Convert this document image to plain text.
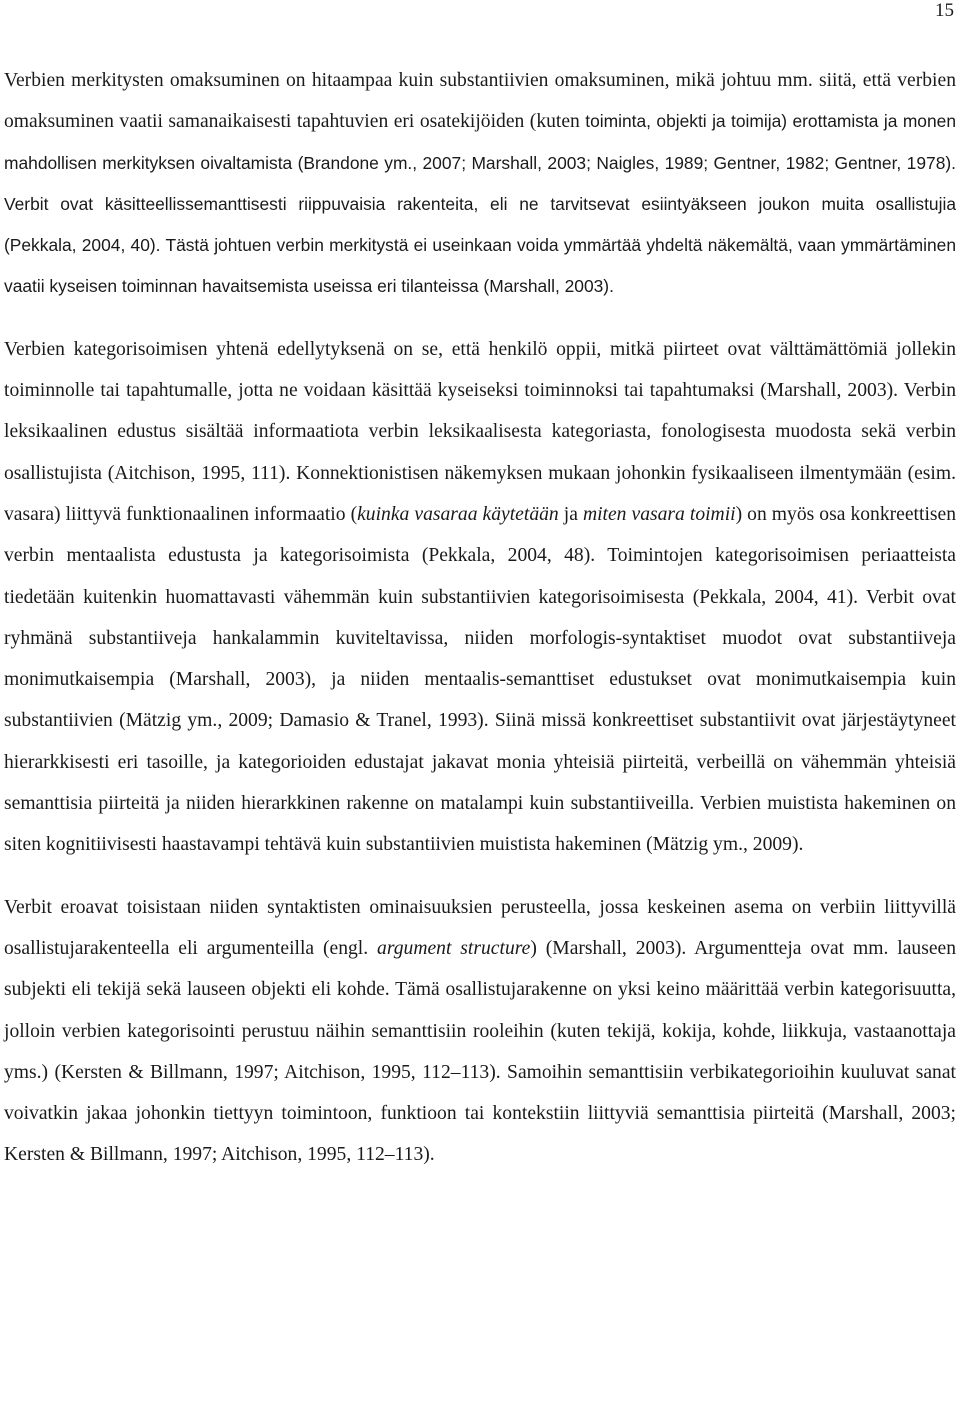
15

Verbien merkitysten omaksuminen on hitaampaa kuin substantiivien omaksuminen, mikä johtuu mm. siitä, että verbien omaksuminen vaatii samanaikaisesti tapahtuvien eri osatekijöiden (kuten toiminta, objekti ja toimija) erottamista ja monen mahdollisen merkityksen oivaltamista (Brandone ym., 2007; Marshall, 2003; Naigles, 1989; Gentner, 1982; Gentner, 1978). Verbit ovat käsitteellissemanttisesti riippuvaisia rakenteita, eli ne tarvitsevat esiintyäkseen joukon muita osallistujia (Pekkala, 2004, 40). Tästä johtuen verbin merkitystä ei useinkaan voida ymmärtää yhdeltä näkemältä, vaan ymmärtäminen vaatii kyseisen toiminnan havaitsemista useissa eri tilanteissa (Marshall, 2003).

Verbien kategorisoimisen yhtenä edellytyksenä on se, että henkilö oppii, mitkä piirteet ovat välttämättömiä jollekin toiminnolle tai tapahtumalle, jotta ne voidaan käsittää kyseiseksi toiminnoksi tai tapahtumaksi (Marshall, 2003). Verbin leksikaalinen edustus sisältää informaatiota verbin leksikaalisesta kategoriasta, fonologisesta muodosta sekä verbin osallistujista (Aitchison, 1995, 111). Konnektionistisen näkemyksen mukaan johonkin fysikaaliseen ilmentymään (esim. vasara) liittyvä funktionaalinen informaatio (kuinka vasaraa käytetään ja miten vasara toimii) on myös osa konkreettisen verbin mentaalista edustusta ja kategorisoimista (Pekkala, 2004, 48). Toimintojen kategorisoimisen periaatteista tiedetään kuitenkin huomattavasti vähemmän kuin substantiivien kategorisoimisesta (Pekkala, 2004, 41). Verbit ovat ryhmänä substantiiveja hankalammin kuviteltavissa, niiden morfologis-syntaktiset muodot ovat substantiiveja monimutkaisempia (Marshall, 2003), ja niiden mentaalis-semanttiset edustukset ovat monimutkaisempia kuin substantiivien (Mätzig ym., 2009; Damasio & Tranel, 1993). Siinä missä konkreettiset substantiivit ovat järjestäytyneet hierarkkisesti eri tasoille, ja kategorioiden edustajat jakavat monia yhteisiä piirteitä, verbeillä on vähemmän yhteisiä semanttisia piirteitä ja niiden hierarkkinen rakenne on matalampi kuin substantiiveilla. Verbien muistista hakeminen on siten kognitiivisesti haastavampi tehtävä kuin substantiivien muistista hakeminen (Mätzig ym., 2009).

Verbit eroavat toisistaan niiden syntaktisten ominaisuuksien perusteella, jossa keskeinen asema on verbiin liittyvillä osallistujarakenteella eli argumenteilla (engl. argument structure) (Marshall, 2003). Argumentteja ovat mm. lauseen subjekti eli tekijä sekä lauseen objekti eli kohde. Tämä osallistujarakenne on yksi keino määrittää verbin kategorisuutta, jolloin verbien kategorisointi perustuu näihin semanttisiin rooleihin (kuten tekijä, kokija, kohde, liikkuja, vastaanottaja yms.) (Kersten & Billmann, 1997; Aitchison, 1995, 112–113). Samoihin semanttisiin verbikategorioihin kuuluvat sanat voivatkin jakaa johonkin tiettyyn toimintoon, funktioon tai kontekstiin liittyviä semanttisia piirteitä (Marshall, 2003; Kersten & Billmann, 1997; Aitchison, 1995, 112–113).
